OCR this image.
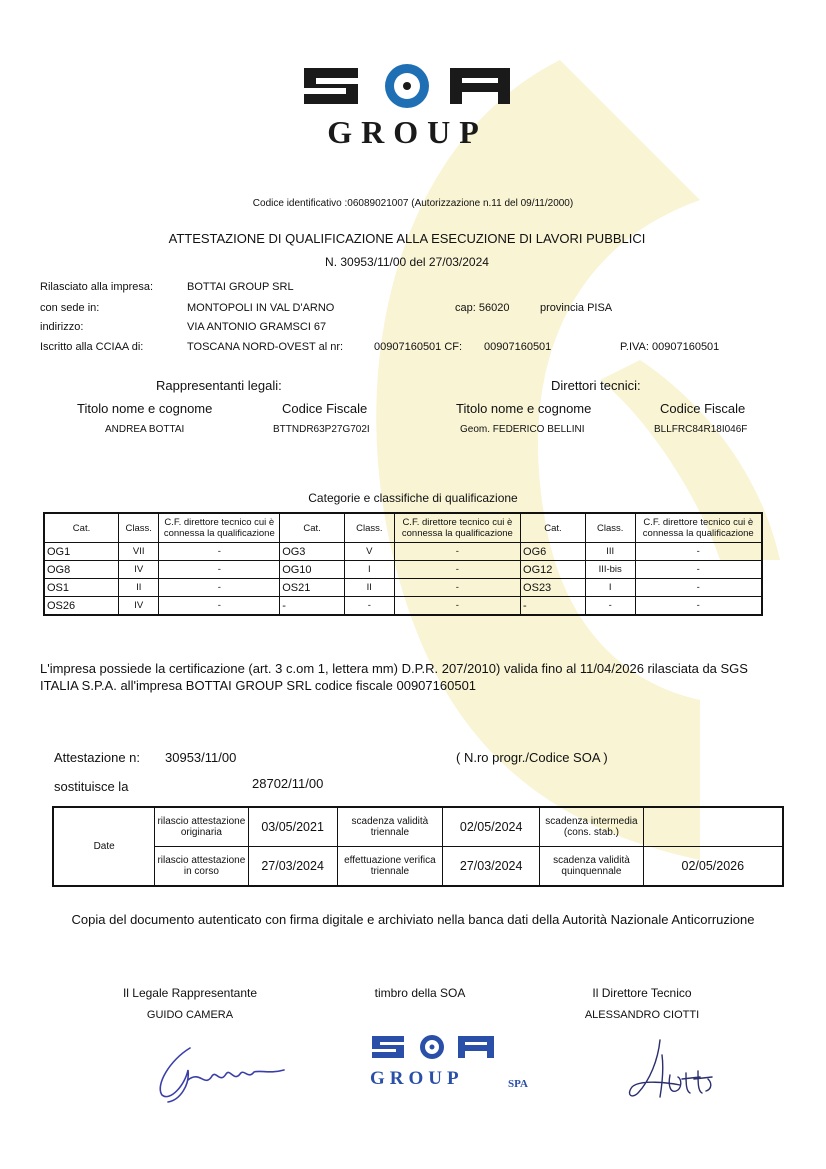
GROUP
Codice identificativo :06089021007 (Autorizzazione n.11 del 09/11/2000)
ATTESTAZIONE DI QUALIFICAZIONE ALLA ESECUZIONE DI LAVORI PUBBLICI
N. 30953/11/00 del 27/03/2024
Rilasciato alla impresa:	BOTTAI GROUP SRL
con sede in:	MONTOPOLI IN VAL D'ARNO	cap: 56020	provincia PISA
indirizzo:	VIA ANTONIO GRAMSCI 67
Iscritto alla CCIAA di:	TOSCANA NORD-OVEST al nr:	00907160501 CF: 00907160501	P.IVA: 00907160501
Rappresentanti legali:
Titolo nome e cognome	Codice Fiscale
ANDREA BOTTAI	BTTNDR63P27G702I
Direttori tecnici:
Titolo nome e cognome	Codice Fiscale
Geom. FEDERICO BELLINI	BLLFRC84R18I046F
Categorie e classifiche di qualificazione
Cat.	Class.	C.F. direttore tecnico cui è connessa la qualificazione	Cat.	Class.	C.F. direttore tecnico cui è connessa la qualificazione	Cat.	Class.	C.F. direttore tecnico cui è connessa la qualificazione
OG1	VII	-	OG3	V	-	OG6	III	-
OG8	IV	-	OG10	I	-	OG12	III-bis	-
OS1	II	-	OS21	II	-	OS23	I	-
OS26	IV	-	-	-	-	-	-	-
L'impresa possiede la certificazione (art. 3 c.om 1, lettera mm) D.P.R. 207/2010) valida fino al 11/04/2026 rilasciata da SGS ITALIA S.P.A. all'impresa BOTTAI GROUP SRL codice fiscale 00907160501
Attestazione n: 30953/11/00	( N.ro progr./Codice SOA )
sostituisce la	28702/11/00
Date	rilascio attestazione originaria	03/05/2021	scadenza validità triennale	02/05/2024	scadenza intermedia (cons. stab.)	
	rilascio attestazione in corso	27/03/2024	effettuazione verifica triennale	27/03/2024	scadenza validità quinquennale	02/05/2026
Copia del documento autenticato con firma digitale e archiviato nella banca dati della Autorità Nazionale Anticorruzione
Il Legale Rappresentante
GUIDO CAMERA
timbro della SOA	Il Direttore Tecnico
ALESSANDRO CIOTTI
GROUP	SPA
